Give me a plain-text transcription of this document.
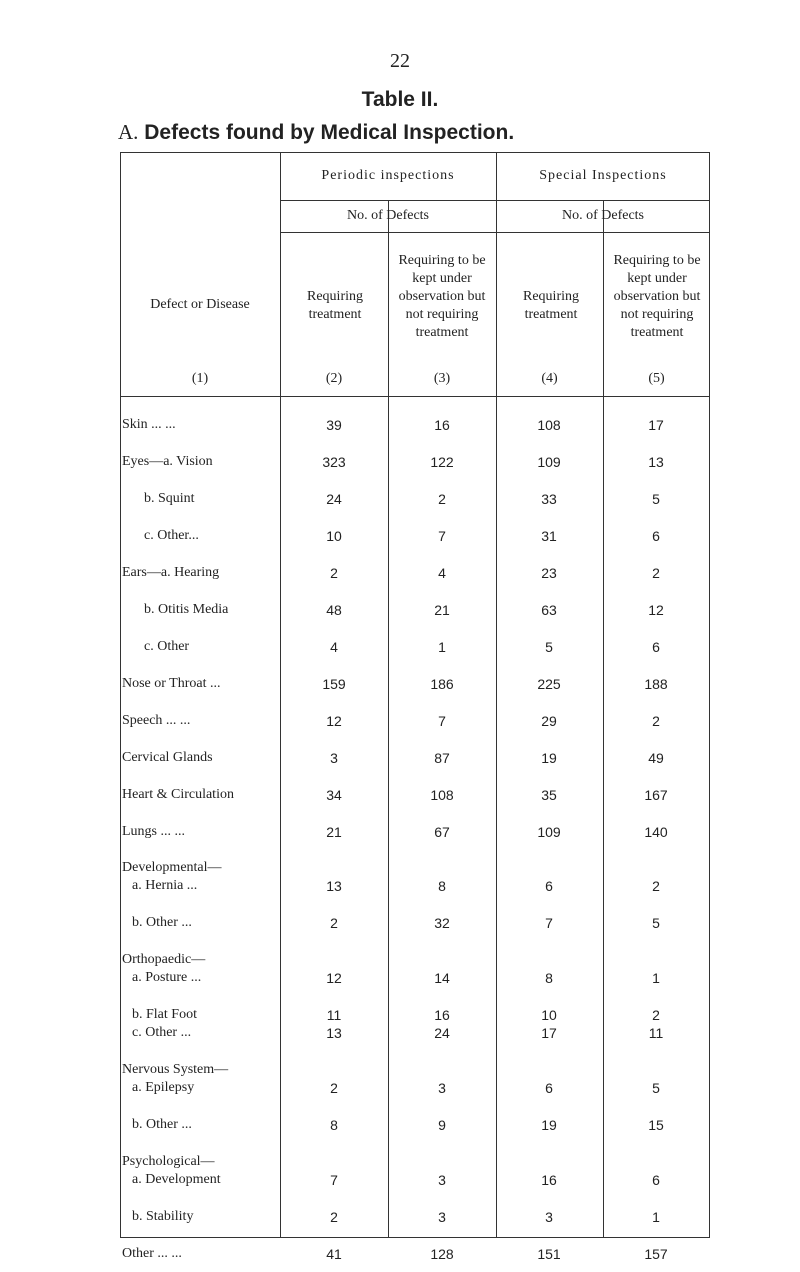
22
Table II.
A. Defects found by Medical Inspection.
Periodic inspections	Special Inspections
No. of Defects	No. of Defects
Defect or Disease
Requiring treatment
Requiring to be kept under observation but not requiring treatment
Requiring treatment
Requiring to be kept under observation but not requiring treatment
(1)	(2)	(3)	(4)	(5)
Skin ... ...	39	16	108	17
Eyes—a. Vision	323	122	109	13
b. Squint	24	2	33	5
c. Other...	10	7	31	6
Ears—a. Hearing	2	4	23	2
b. Otitis Media	48	21	63	12
c. Other	4	1	5	6
Nose or Throat ...	159	186	225	188
Speech ... ...	12	7	29	2
Cervical Glands	3	87	19	49
Heart & Circulation	34	108	35	167
Lungs ... ...	21	67	109	140
Developmental—
a. Hernia ...	13	8	6	2
b. Other ...	2	32	7	5
Orthopaedic—
a. Posture ...	12	14	8	1
b. Flat Foot	11	16	10	2
c. Other ...	13	24	17	11
Nervous System—
a. Epilepsy	2	3	6	5
b. Other ...	8	9	19	15
Psychological—
a. Development	7	3	16	6
b. Stability	2	3	3	1
Other ... ...	41	128	151	157
